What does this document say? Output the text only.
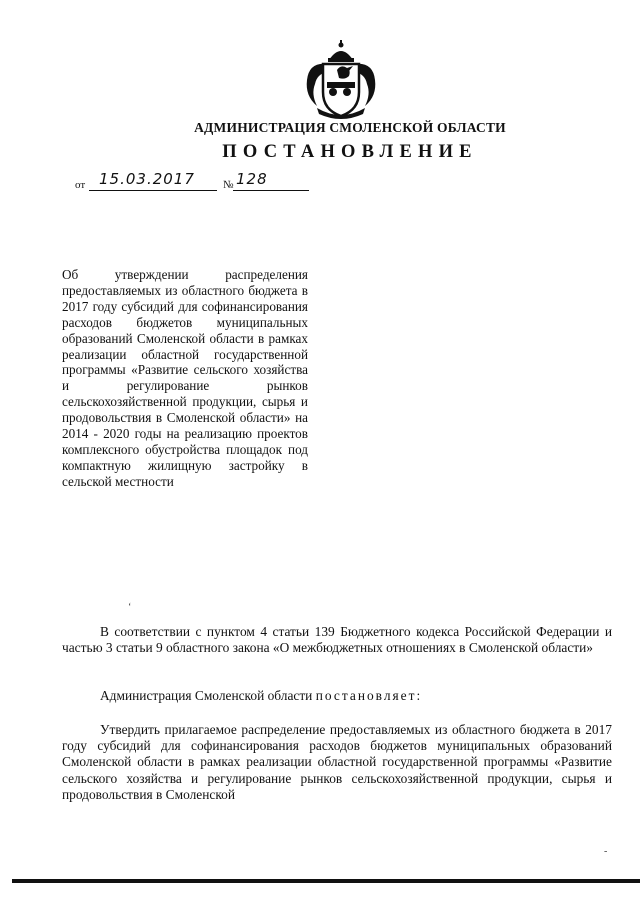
АДМИНИСТРАЦИЯ СМОЛЕНСКОЙ ОБЛАСТИ
ПОСТАНОВЛЕНИЕ
от 15.03.2017	№ 128

Об утверждении распределения предоставляемых из областного бюджета в 2017 году субсидий для софинансирования расходов бюджетов муниципальных образований Смоленской области в рамках реализации областной государственной программы «Развитие сельского хозяйства и регулирование рынков сельскохозяйственной продукции, сырья и продовольствия в Смоленской области» на 2014 - 2020 годы на реализацию проектов комплексного обустройства площадок под компактную жилищную застройку в сельской местности

ʻ

В соответствии с пунктом 4 статьи 139 Бюджетного кодекса Российской Федерации и частью 3 статьи 9 областного закона «О межбюджетных отношениях в Смоленской области»

Администрация Смоленской области постановляет:

Утвердить прилагаемое распределение предоставляемых из областного бюджета в 2017 году субсидий для софинансирования расходов бюджетов муниципальных образований Смоленской области в рамках реализации областной государственной программы «Развитие сельского хозяйства и регулирование рынков сельскохозяйственной продукции, сырья и продовольствия в Смоленской

-
